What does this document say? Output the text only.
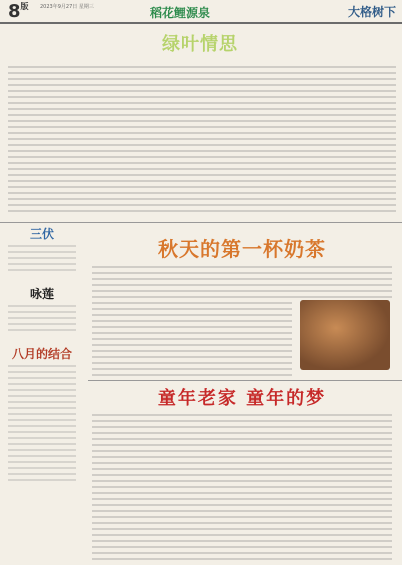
$8^版$ 2023年9月27日 星期三	稻花鲤源泉	大格树下
绿叶情思

三伏

咏莲

八月的结合

秋天的第一杯奶茶
童年老家 童年的梦
